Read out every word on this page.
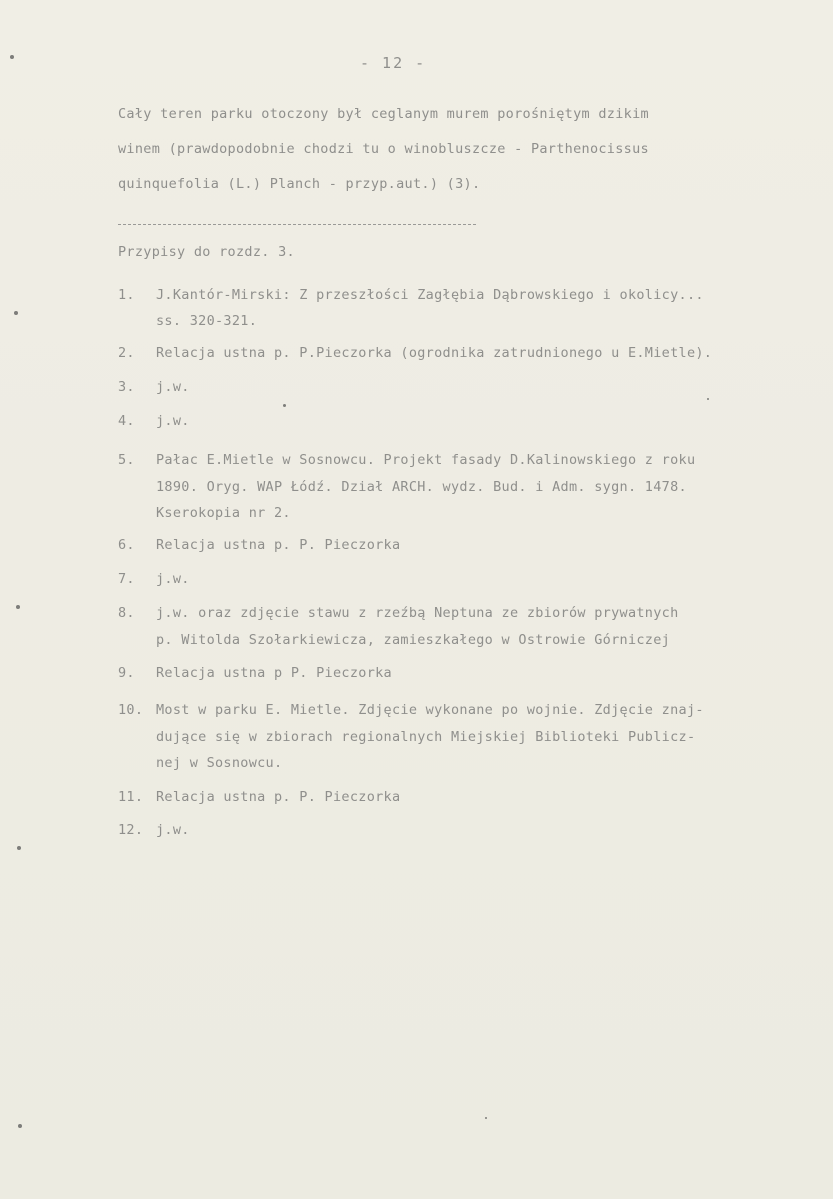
- 12 -
Cały teren parku otoczony był ceglanym murem porośniętym dzikim
winem (prawdopodobnie chodzi tu o winobluszcze - Parthenocissus
quinquefolia (L.) Planch - przyp.aut.) (3).
Przypisy do rozdz. 3.
1. J.Kantór-Mirski: Z przeszłości Zagłębia Dąbrowskiego i okolicy...
ss. 320-321.
2. Relacja ustna p. P.Pieczorka (ogrodnika zatrudnionego u E.Mietle).
3. j.w.
4. j.w.
5. Pałac E.Mietle w Sosnowcu. Projekt fasady D.Kalinowskiego z roku
1890. Oryg. WAP Łódź. Dział ARCH. wydz. Bud. i Adm. sygn. 1478.
Kserokopia nr 2.
6. Relacja ustna p. P. Pieczorka
7. j.w.
8. j.w. oraz zdjęcie stawu z rzeźbą Neptuna ze zbiorów prywatnych
p. Witolda Szołarkiewicza, zamieszkałego w Ostrowie Górniczej
9. Relacja ustna p P. Pieczorka
10. Most w parku E. Mietle. Zdjęcie wykonane po wojnie. Zdjęcie znaj-
dujące się w zbiorach regionalnych Miejskiej Biblioteki Publicz-
nej w Sosnowcu.
11. Relacja ustna p. P. Pieczorka
12. j.w.
